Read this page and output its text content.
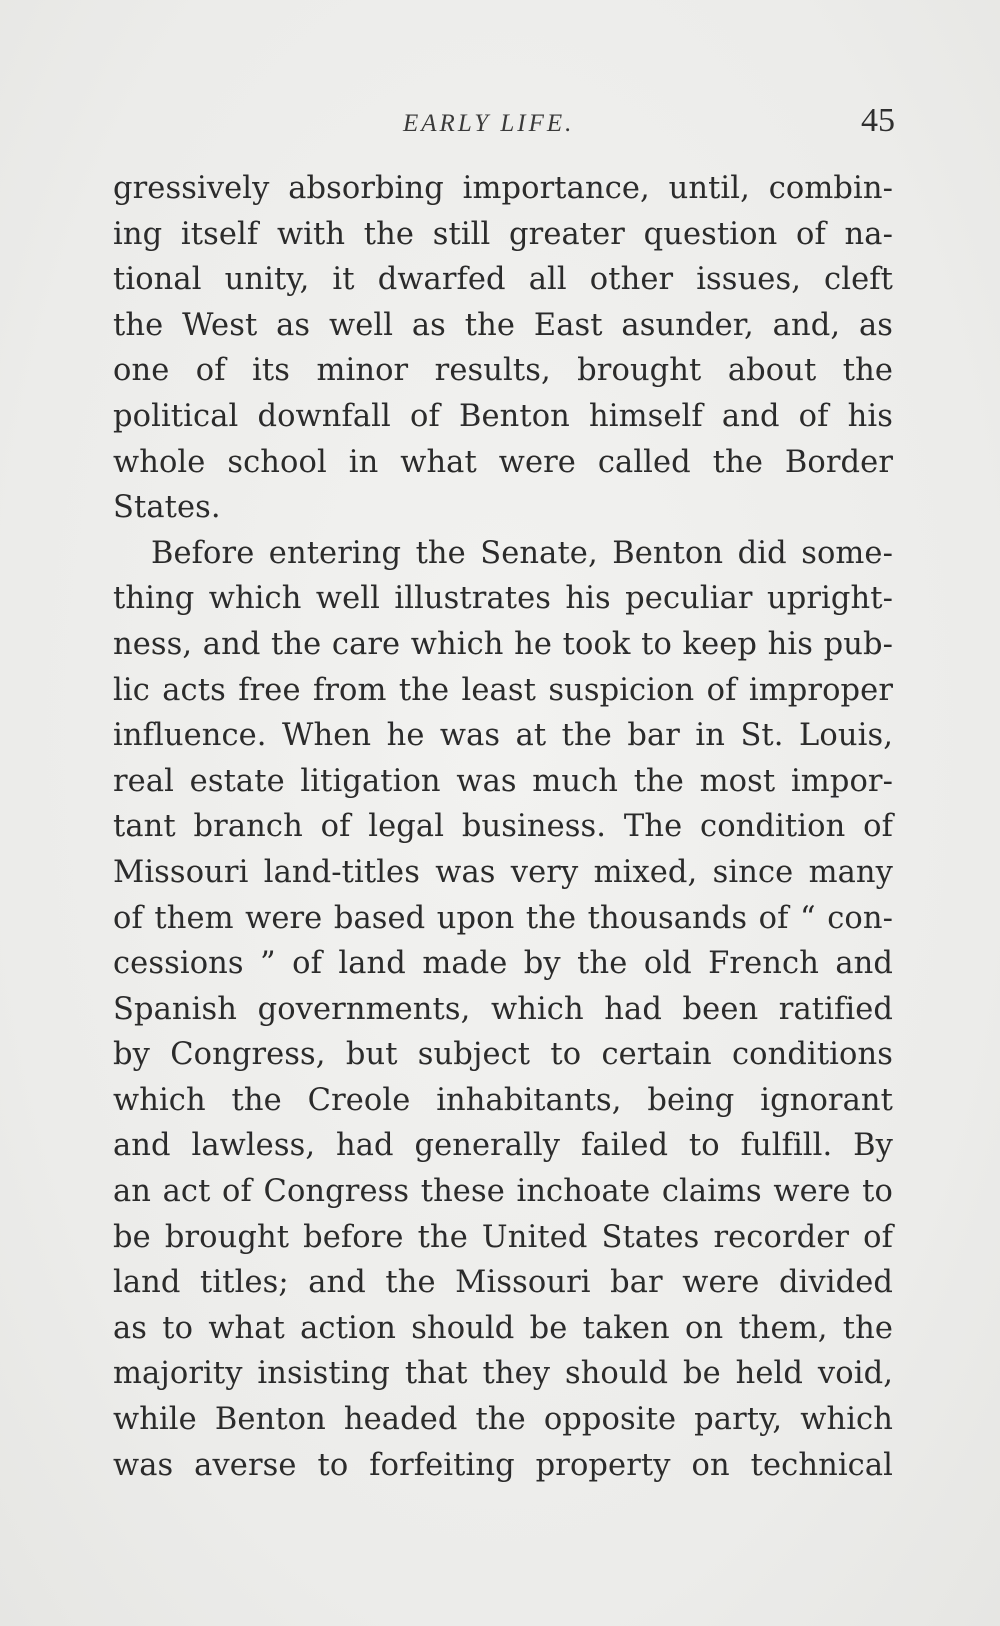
EARLY LIFE.	45
gressively absorbing importance, until, combin-
ing itself with the still greater question of na-
tional unity, it dwarfed all other issues, cleft
the West as well as the East asunder, and, as
one of its minor results, brought about the
political downfall of Benton himself and of his
whole school in what were called the Border
States.
Before entering the Senate, Benton did some-
thing which well illustrates his peculiar upright-
ness, and the care which he took to keep his pub-
lic acts free from the least suspicion of improper
influence. When he was at the bar in St. Louis,
real estate litigation was much the most impor-
tant branch of legal business. The condition of
Missouri land-titles was very mixed, since many
of them were based upon the thousands of “ con-
cessions ” of land made by the old French and
Spanish governments, which had been ratified
by Congress, but subject to certain conditions
which the Creole inhabitants, being ignorant
and lawless, had generally failed to fulfill. By
an act of Congress these inchoate claims were to
be brought before the United States recorder of
land titles; and the Missouri bar were divided
as to what action should be taken on them, the
majority insisting that they should be held void,
while Benton headed the opposite party, which
was averse to forfeiting property on technical
